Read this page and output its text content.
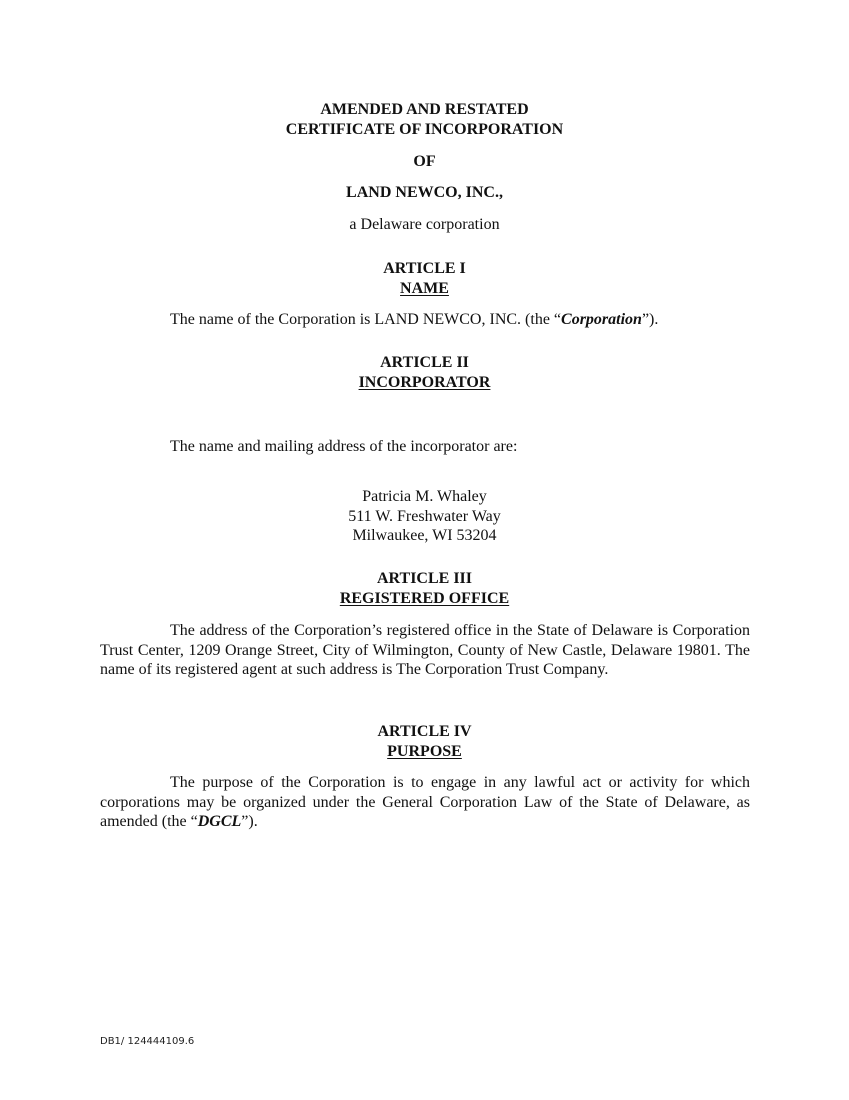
AMENDED AND RESTATED

CERTIFICATE OF INCORPORATION

OF

LAND NEWCO, INC.,

a Delaware corporation

ARTICLE I

NAME

The name of the Corporation is LAND NEWCO, INC. (the “Corporation”).

ARTICLE II

INCORPORATOR

The name and mailing address of the incorporator are:

Patricia M. Whaley
511 W. Freshwater Way
Milwaukee, WI 53204

ARTICLE III

REGISTERED OFFICE

The address of the Corporation’s registered office in the State of Delaware is Corporation Trust Center, 1209 Orange Street, City of Wilmington, County of New Castle, Delaware 19801. The name of its registered agent at such address is The Corporation Trust Company.

ARTICLE IV

PURPOSE

The purpose of the Corporation is to engage in any lawful act or activity for which corporations may be organized under the General Corporation Law of the State of Delaware, as amended (the “DGCL”).

DB1/ 124444109.6
